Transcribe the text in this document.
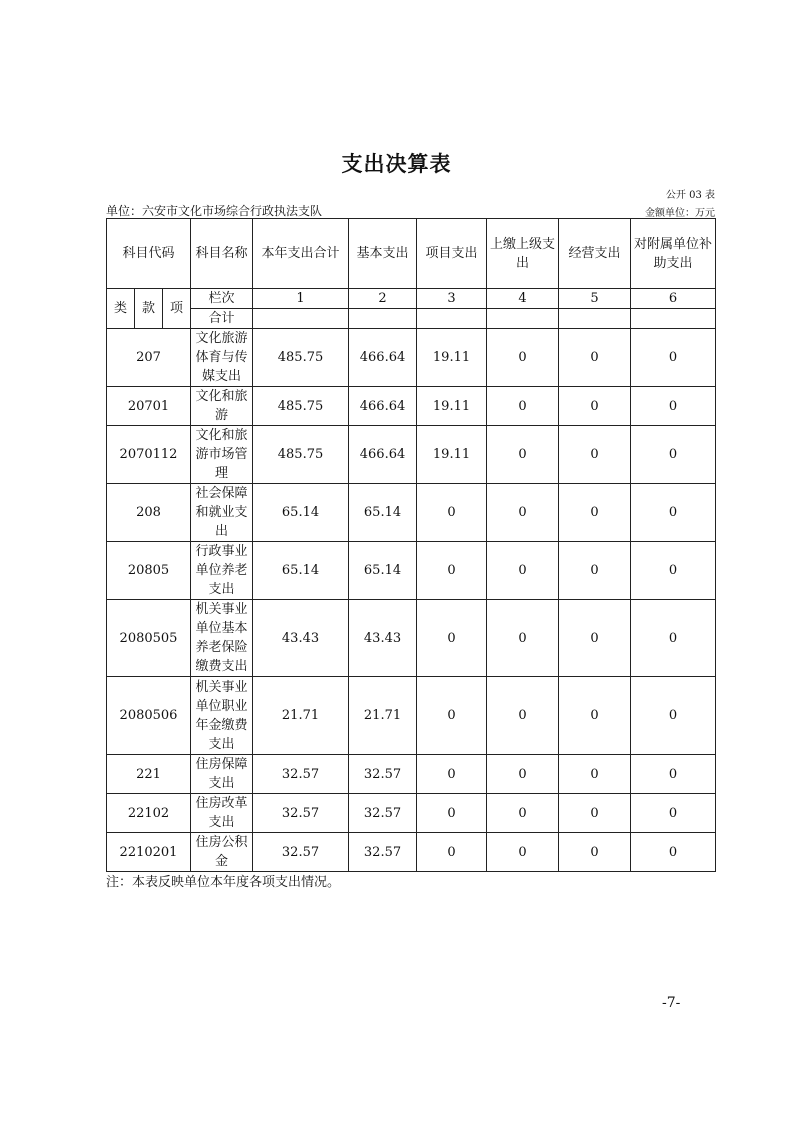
支出决算表
公开 03 表
单位：六安市文化市场综合行政执法支队	金额单位：万元
科目代码			科目名称	本年支出合计	基本支出	项目支出	上缴上级支出	经营支出	对附属单位补助支出
类	款	项	栏次	1	2	3	4	5	6
			合计						
207			文化旅游体育与传媒支出	485.75	466.64	19.11	0	0	0
20701			文化和旅游	485.75	466.64	19.11	0	0	0
2070112			文化和旅游市场管理	485.75	466.64	19.11	0	0	0
208			社会保障和就业支出	65.14	65.14	0	0	0	0
20805			行政事业单位养老支出	65.14	65.14	0	0	0	0
2080505			机关事业单位基本养老保险缴费支出	43.43	43.43	0	0	0	0
2080506			机关事业单位职业年金缴费支出	21.71	21.71	0	0	0	0
221			住房保障支出	32.57	32.57	0	0	0	0
22102			住房改革支出	32.57	32.57	0	0	0	0
2210201			住房公积金	32.57	32.57	0	0	0	0
注：本表反映单位本年度各项支出情况。
-7-
